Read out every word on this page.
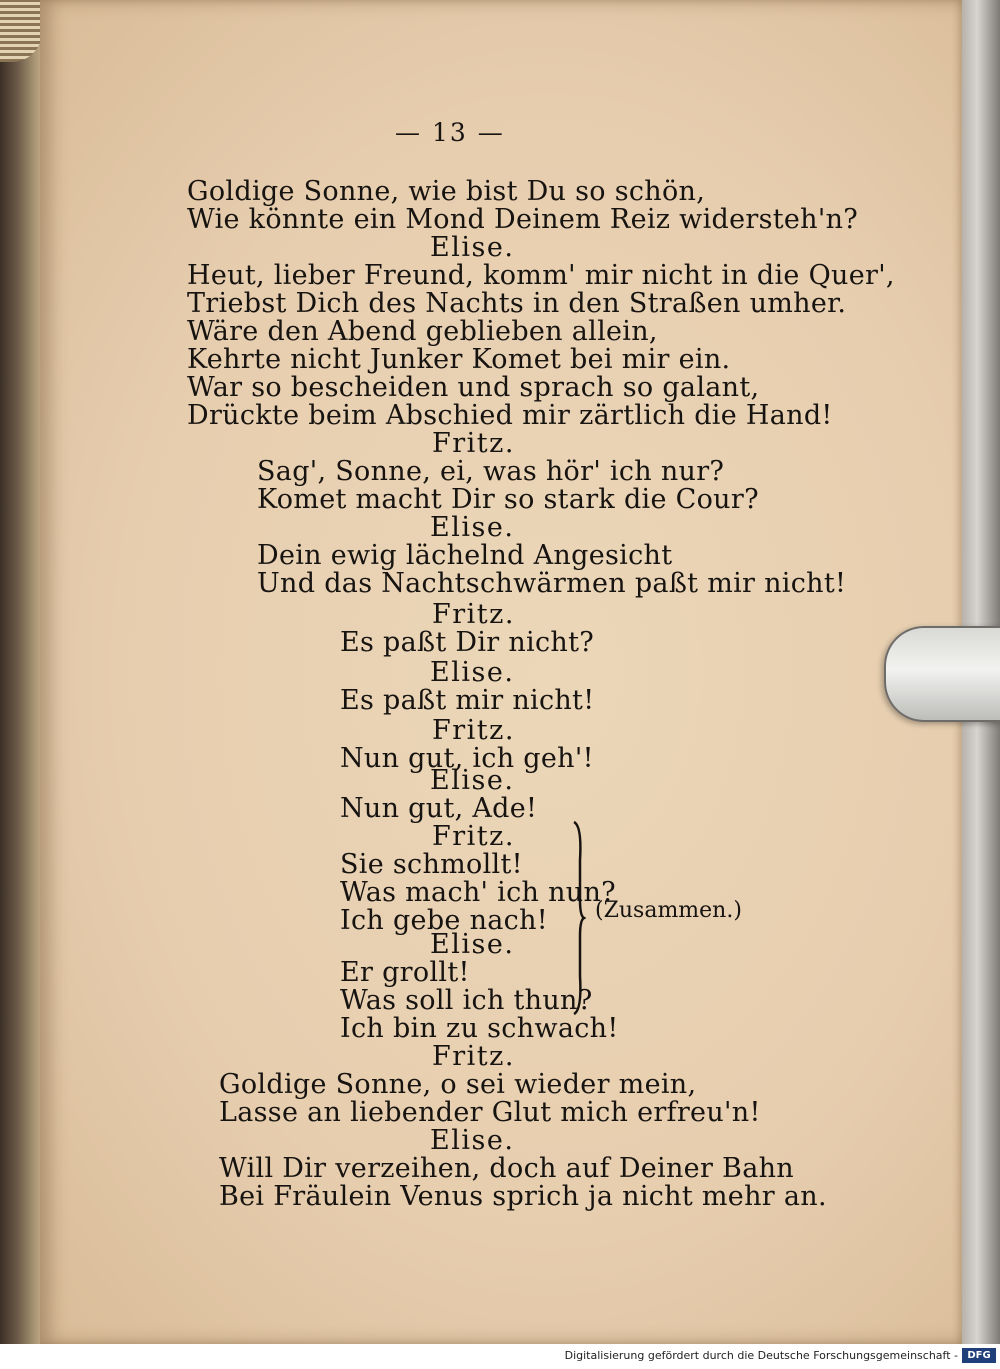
— 13 —
Goldige Sonne, wie bist Du so schön,
Wie könnte ein Mond Deinem Reiz widersteh'n?
Elise.
Heut, lieber Freund, komm' mir nicht in die Quer',
Triebst Dich des Nachts in den Straßen umher.
Wäre den Abend geblieben allein,
Kehrte nicht Junker Komet bei mir ein.
War so bescheiden und sprach so galant,
Drückte beim Abschied mir zärtlich die Hand!
Fritz.
Sag', Sonne, ei, was hör' ich nur?
Komet macht Dir so stark die Cour?
Elise.
Dein ewig lächelnd Angesicht
Und das Nachtschwärmen paßt mir nicht!
Fritz.
Es paßt Dir nicht?
Elise.
Es paßt mir nicht!
Fritz.
Nun gut, ich geh'!
Elise.
Nun gut, Ade!
Fritz.
Sie schmollt!
Was mach' ich nun?
Ich gebe nach!
Elise.
Er grollt!
Was soll ich thun?
Ich bin zu schwach!
Fritz.
Goldige Sonne, o sei wieder mein,
Lasse an liebender Glut mich erfreu'n!
Elise.
Will Dir verzeihen, doch auf Deiner Bahn
Bei Fräulein Venus sprich ja nicht mehr an.
(Zusammen.)
Digitalisierung gefördert durch die Deutsche Forschungsgemeinschaft - DFG
